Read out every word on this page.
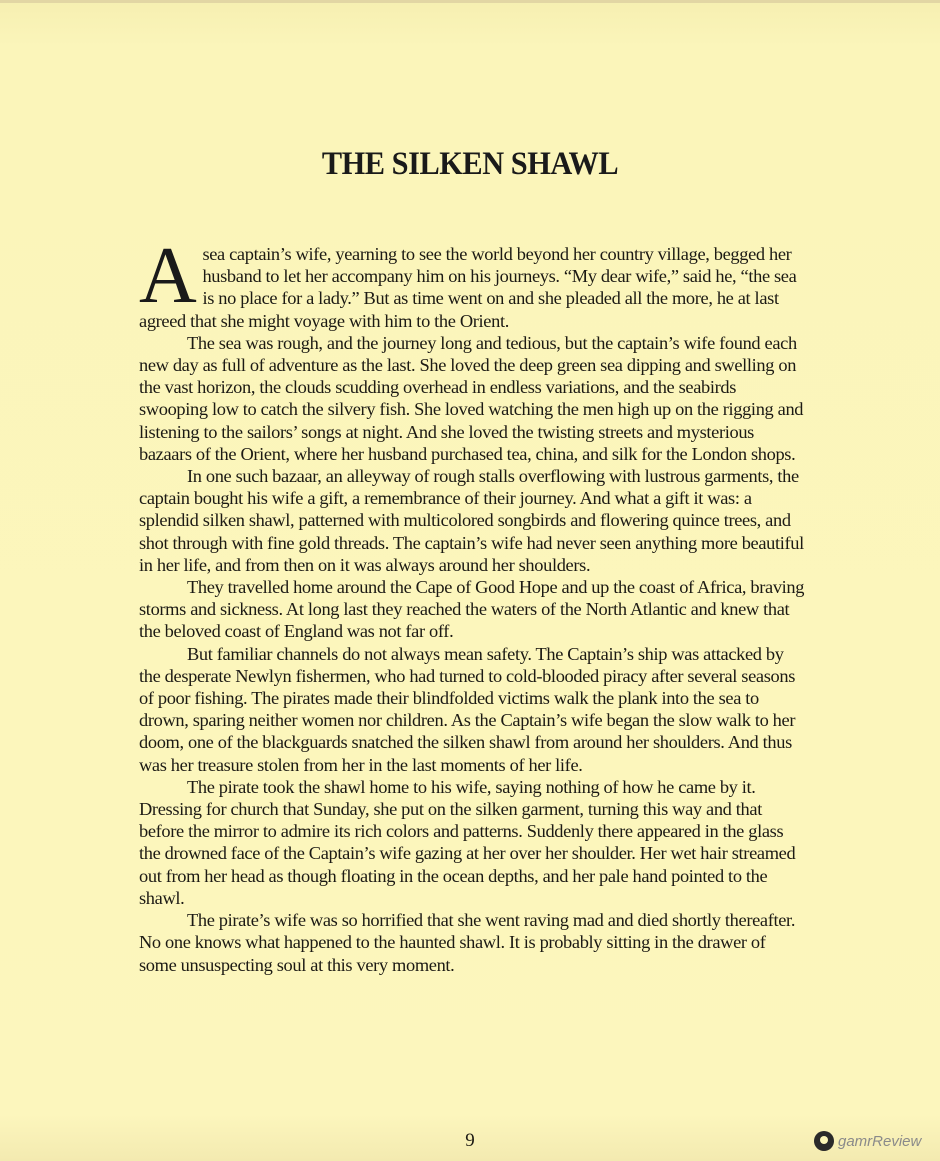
THE SILKEN SHAWL

A sea captain’s wife, yearning to see the world beyond her country village, begged her husband to let her accompany him on his journeys. “My dear wife,” said he, “the sea is no place for a lady.” But as time went on and she pleaded all the more, he at last agreed that she might voyage with him to the Orient.

The sea was rough, and the journey long and tedious, but the captain’s wife found each new day as full of adventure as the last. She loved the deep green sea dipping and swelling on the vast horizon, the clouds scudding overhead in endless variations, and the seabirds swooping low to catch the silvery fish. She loved watching the men high up on the rigging and listening to the sailors’ songs at night. And she loved the twisting streets and mysterious bazaars of the Orient, where her husband purchased tea, china, and silk for the London shops.

In one such bazaar, an alleyway of rough stalls overflowing with lustrous garments, the captain bought his wife a gift, a remembrance of their journey. And what a gift it was: a splendid silken shawl, patterned with multicolored songbirds and flowering quince trees, and shot through with fine gold threads. The captain’s wife had never seen anything more beautiful in her life, and from then on it was always around her shoulders.

They travelled home around the Cape of Good Hope and up the coast of Africa, braving storms and sickness. At long last they reached the waters of the North Atlantic and knew that the beloved coast of England was not far off.

But familiar channels do not always mean safety. The Captain’s ship was attacked by the desperate Newlyn fishermen, who had turned to cold-blooded piracy after several seasons of poor fishing. The pirates made their blindfolded victims walk the plank into the sea to drown, sparing neither women nor children. As the Captain’s wife began the slow walk to her doom, one of the blackguards snatched the silken shawl from around her shoulders. And thus was her treasure stolen from her in the last moments of her life.

The pirate took the shawl home to his wife, saying nothing of how he came by it. Dressing for church that Sunday, she put on the silken garment, turning this way and that before the mirror to admire its rich colors and patterns. Suddenly there appeared in the glass the drowned face of the Captain’s wife gazing at her over her shoulder. Her wet hair streamed out from her head as though floating in the ocean depths, and her pale hand pointed to the shawl.

The pirate’s wife was so horrified that she went raving mad and died shortly thereafter. No one knows what happened to the haunted shawl. It is probably sitting in the drawer of some unsuspecting soul at this very moment.

9	gamrReview
